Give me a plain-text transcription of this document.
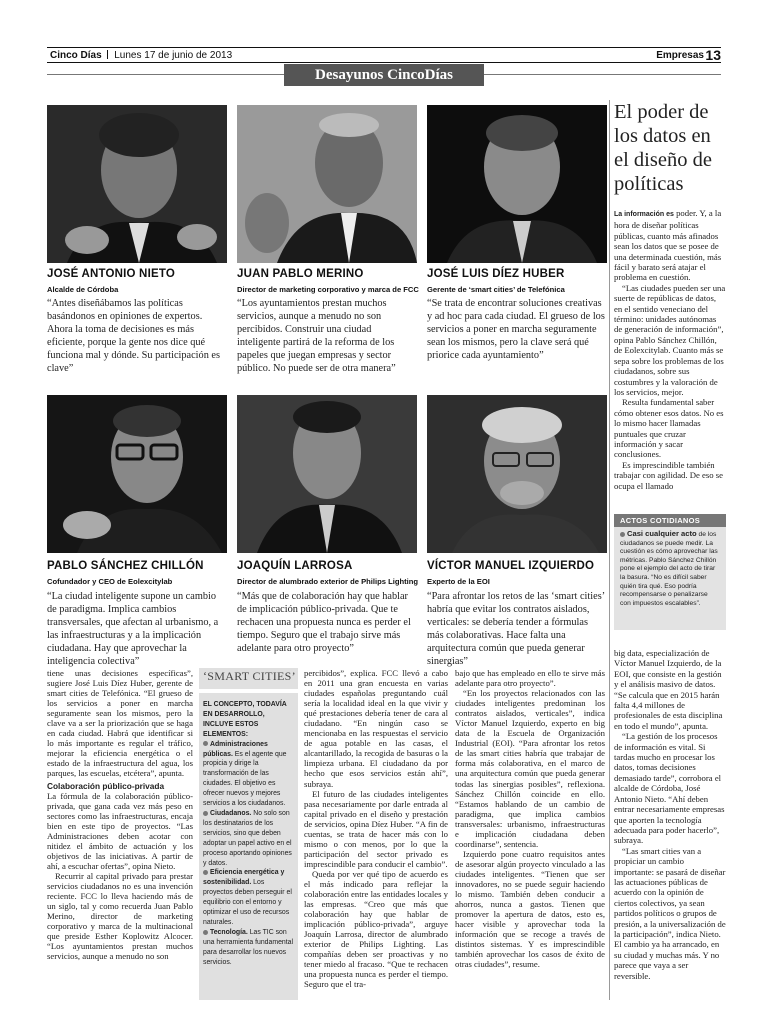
Cinco Días Lunes 17 de junio de 2013	Empresas 13
Desayunos CincoDías
JOSÉ ANTONIO NIETO
Alcalde de Córdoba
“Antes diseñábamos las políticas basándonos en opiniones de expertos. Ahora la toma de decisiones es más eficiente, porque la gente nos dice qué funciona mal y dónde. Su participación es clave”
JUAN PABLO MERINO
Director de marketing corporativo y marca de FCC
“Los ayuntamientos prestan muchos servicios, aunque a menudo no son percibidos. Construir una ciudad inteligente partirá de la reforma de los papeles que juegan empresas y sector público. No puede ser de otra manera”
JOSÉ LUIS DÍEZ HUBER
Gerente de ‘smart cities’ de Telefónica
“Se trata de encontrar soluciones creativas y ad hoc para cada ciudad. El grueso de los servicios a poner en marcha seguramente sean los mismos, pero la clave será qué priorice cada ayuntamiento”
PABLO SÁNCHEZ CHILLÓN
Cofundador y CEO de Eolexcitylab
“La ciudad inteligente supone un cambio de paradigma. Implica cambios transversales, que afectan al urbanismo, a las infraestructuras y a la implicación ciudadana. Hay que aprovechar la inteligencia colectiva”
JOAQUÍN LARROSA
Director de alumbrado exterior de Philips Lighting
“Más que de colaboración hay que hablar de implicación público-privada. Que te rechacen una propuesta nunca es perder el tiempo. Seguro que el trabajo sirve más adelante para otro proyecto”
VÍCTOR MANUEL IZQUIERDO
Experto de la EOI
“Para afrontar los retos de las ‘smart cities’ habría que evitar los contratos aislados, verticales: se debería tender a fórmulas más colaborativas. Hace falta una arquitectura común que pueda generar sinergias”
El poder de los datos en el diseño de políticas

La información es poder. Y, a la hora de diseñar políticas públicas, cuanto más afinados sean los datos que se posee de una determinada cuestión, más fácil y barato será atajar el problema en cuestión.

“Las ciudades pueden ser una suerte de repúblicas de datos, en el sentido veneciano del término: unidades autónomas de generación de información”, opina Pablo Sánchez Chillón, de Eolexcitylab. Cuanto más se sepa sobre los problemas de los ciudadanos, sobre sus costumbres y la valoración de los servicios, mejor.

Resulta fundamental saber cómo obtener esos datos. No es lo mismo hacer llamadas puntuales que cruzar información y sacar conclusiones.

Es imprescindible también trabajar con agilidad. De eso se ocupa el llamado

ACTOS COTIDIANOS
Casi cualquier acto de los ciudadanos se puede medir. La cuestión es cómo aprovechar las métricas. Pablo Sánchez Chillón pone el ejemplo del acto de tirar la basura. “No es difícil saber quién tira qué. Eso podría recompensarse o penalizarse con impuestos escalables”.

big data, especialización de Víctor Manuel Izquierdo, de la EOI, que consiste en la gestión y el análisis masivo de datos. “Se calcula que en 2015 harán falta 4,4 millones de profesionales de esta disciplina en todo el mundo”, apunta.

“La gestión de los procesos de información es vital. Si tardas mucho en procesar los datos, tomas decisiones demasiado tarde”, corrobora el alcalde de Córdoba, José Antonio Nieto. “Ahí deben entrar necesariamente empresas que aporten la tecnología adecuada para poder hacerlo”, subraya.

“Las smart cities van a propiciar un cambio importante: se pasará de diseñar las actuaciones públicas de acuerdo con la opinión de ciertos colectivos, ya sean partidos políticos o grupos de presión, a la universalización de la participación”, indica Nieto. El cambio ya ha arrancado, en su ciudad y muchas más. Y no parece que vaya a ser reversible.

tiene unas decisiones específicas”, sugiere José Luis Díez Huber, gerente de smart cities de Telefónica. “El grueso de los servicios a poner en marcha seguramente sean los mismos, pero la clave va a ser la priorización que se haga en cada ciudad. Habrá que identificar si lo más importante es regular el tráfico, mejorar la eficiencia energética o el estado de la infraestructura del agua, los parques, las escuelas, etcétera”, apunta.

Colaboración público-privada

La fórmula de la colaboración público-privada, que gana cada vez más peso en sectores como las infraestructuras, encaja bien en este tipo de proyectos. “Las Administraciones deben acotar con nitidez el ámbito de actuación y los objetivos de las iniciativas. A partir de ahí, a escuchar ofertas”, opina Nieto.

Recurrir al capital privado para prestar servicios ciudadanos no es una invención reciente. FCC lo lleva haciendo más de un siglo, tal y como recuerda Juan Pablo Merino, director de marketing corporativo y marca de la multinacional que preside Esther Koplowitz Alcocer. “Los ayuntamientos prestan muchos servicios, aunque a menudo no son

‘SMART CITIES’
EL CONCEPTO, TODAVÍA EN DESARROLLO, INCLUYE ESTOS ELEMENTOS:
Administraciones públicas. Es el agente que propicia y dirige la transformación de las ciudades. El objetivo es ofrecer nuevos y mejores servicios a los ciudadanos.
Ciudadanos. No solo son los destinatarios de los servicios, sino que deben adoptar un papel activo en el proceso aportando opiniones y datos.
Eficiencia energética y sostenibilidad. Los proyectos deben perseguir el equilibrio con el entorno y optimizar el uso de recursos naturales.
Tecnología. Las TIC son una herramienta fundamental para desarrollar los nuevos servicios.

percibidos”, explica. FCC llevó a cabo en 2011 una gran encuesta en varias ciudades españolas preguntando cuál sería la localidad ideal en la que vivir y qué prestaciones debería tener de cara al ciudadano. “En ningún caso se mencionaba en las respuestas el servicio de agua potable en las casas, el alcantarillado, la recogida de basuras o la limpieza urbana. El ciudadano da por hecho que esos servicios están ahí”, subraya.

El futuro de las ciudades inteligentes pasa necesariamente por darle entrada al capital privado en el diseño y prestación de servicios, opina Díez Huber. “A fin de cuentas, se trata de hacer más con lo mismo o con menos, por lo que la participación del sector privado es imprescindible para conducir el cambio”.

Queda por ver qué tipo de acuerdo es el más indicado para reflejar la colaboración entre las entidades locales y las empresas. “Creo que más que colaboración hay que hablar de implicación público-privada”, arguye Joaquín Larrosa, director de alumbrado exterior de Philips Lighting. Las compañías deben ser proactivas y no tener miedo al fracaso. “Que te rechacen una propuesta nunca es perder el tiempo. Seguro que el tra-

bajo que has empleado en ello te sirve más adelante para otro proyecto”.

“En los proyectos relacionados con las ciudades inteligentes predominan los contratos aislados, verticales”, indica Víctor Manuel Izquierdo, experto en big data de la Escuela de Organización Industrial (EOI). “Para afrontar los retos de las smart cities habría que trabajar de forma más colaborativa, en el marco de una arquitectura común que pueda generar todas las sinergias posibles”, reflexiona. Sánchez Chillón coincide en ello. “Estamos hablando de un cambio de paradigma, que implica cambios transversales: urbanismo, infraestructuras e implicación ciudadana deben coordinarse”, sentencia.

Izquierdo pone cuatro requisitos antes de asesorar algún proyecto vinculado a las ciudades inteligentes. “Tienen que ser innovadores, no se puede seguir haciendo lo mismo. También deben conducir a ahorros, nunca a gastos. Tienen que promover la apertura de datos, esto es, hacer visible y aprovechar toda la información que se recoge a través de distintos sistemas. Y es imprescindible también aprovechar los casos de éxito de otras ciudades”, resume.
